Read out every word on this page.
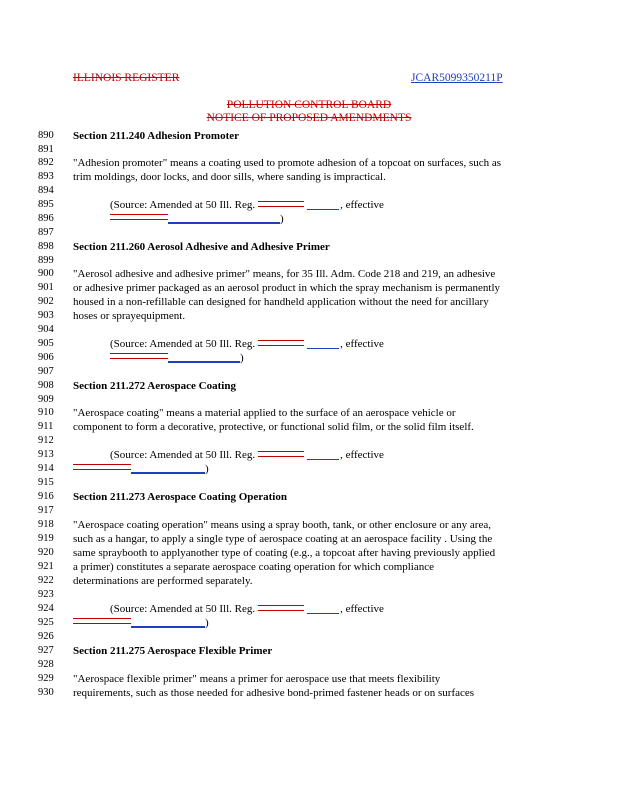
ILLINOIS REGISTER	JCAR5099350211P
POLLUTION CONTROL BOARD
NOTICE OF PROPOSED AMENDMENTS
890	Section 211.240 Adhesion Promoter
891
892	"Adhesion promoter" means a coating used to promote adhesion of a topcoat on surfaces, such as
893	trim moldings, door locks, and door sills, where sanding is impractical.
894
895	(Source: Amended at 50 Ill. Reg.	, effective
896	)
897
898	Section 211.260 Aerosol Adhesive and Adhesive Primer
899
900	"Aerosol adhesive and adhesive primer" means, for 35 Ill. Adm. Code 218 and 219, an adhesive
901	or adhesive primer packaged as an aerosol product in which the spray mechanism is permanently
902	housed in a non-refillable can designed for handheld application without the need for ancillary
903	hoses or sprayequipment.
904
905	(Source: Amended at 50 Ill. Reg.	, effective
906	)
907
908	Section 211.272 Aerospace Coating
909
910	"Aerospace coating" means a material applied to the surface of an aerospace vehicle or
911	component to form a decorative, protective, or functional solid film, or the solid film itself.
912
913	(Source: Amended at 50 Ill. Reg.	, effective
914	)
915
916	Section 211.273 Aerospace Coating Operation
917
918	"Aerospace coating operation" means using a spray booth, tank, or other enclosure or any area,
919	such as a hangar, to apply a single type of aerospace coating at an aerospace facility . Using the
920	same spraybooth to applyanother type of coating (e.g., a topcoat after having previously applied
921	a primer) constitutes a separate aerospace coating operation for which compliance
922	determinations are performed separately.
923
924	(Source: Amended at 50 Ill. Reg.	, effective
925	)
926
927	Section 211.275 Aerospace Flexible Primer
928
929	"Aerospace flexible primer" means a primer for aerospace use that meets flexibility
930	requirements, such as those needed for adhesive bond-primed fastener heads or on surfaces
